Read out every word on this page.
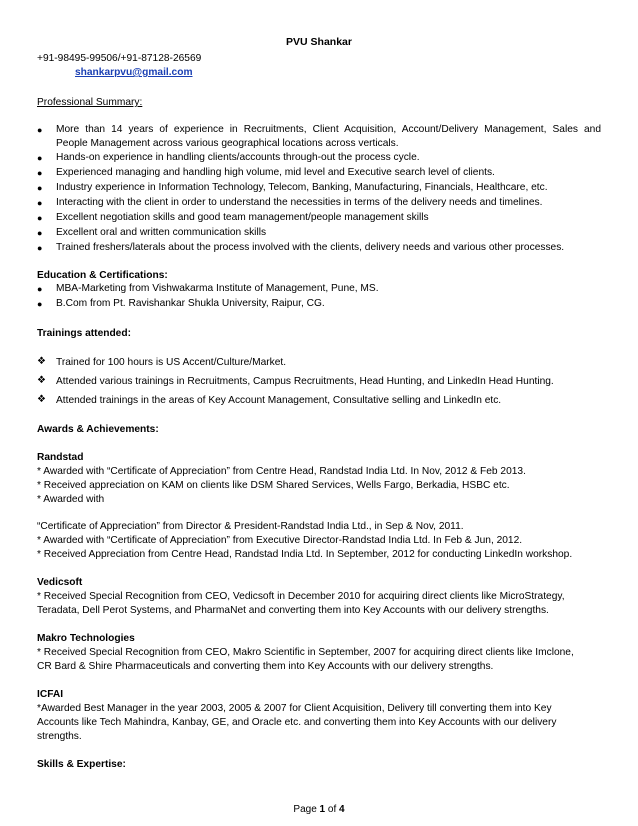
PVU Shankar
+91-98495-99506/+91-87128-26569
shankarpvu@gmail.com
Professional Summary:
●	More than 14 years of experience in Recruitments, Client Acquisition, Account/Delivery Management, Sales and
People Management across various geographical locations across verticals.
●	Hands-on experience in handling clients/accounts through-out the process cycle.
●	Experienced managing and handling high volume, mid level and Executive search level of clients.
●	Industry experience in Information Technology, Telecom, Banking, Manufacturing, Financials, Healthcare, etc.
●	Interacting with the client in order to understand the necessities in terms of the delivery needs and timelines.
●	Excellent negotiation skills and good team management/people management skills
●	Excellent oral and written communication skills
●	Trained freshers/laterals about the process involved with the clients, delivery needs and various other processes.
Education & Certifications:
●	MBA-Marketing from Vishwakarma Institute of Management, Pune, MS.
●	B.Com from Pt. Ravishankar Shukla University, Raipur, CG.
Trainings attended:
❖ Trained for 100 hours is US Accent/Culture/Market.
❖ Attended various trainings in Recruitments, Campus Recruitments, Head Hunting, and LinkedIn Head Hunting.
❖ Attended trainings in the areas of Key Account Management, Consultative selling and LinkedIn etc.
Awards & Achievements:
Randstad
* Awarded with “Certificate of Appreciation” from Centre Head, Randstad India Ltd. In Nov, 2012 & Feb 2013.
* Received appreciation on KAM on clients like DSM Shared Services, Wells Fargo, Berkadia, HSBC etc.
* Awarded with
“Certificate of Appreciation” from Director & President-Randstad India Ltd., in Sep & Nov, 2011.
* Awarded with “Certificate of Appreciation” from Executive Director-Randstad India Ltd. In Feb & Jun, 2012.
* Received Appreciation from Centre Head, Randstad India Ltd. In September, 2012 for conducting LinkedIn workshop.
Vedicsoft
* Received Special Recognition from CEO, Vedicsoft in December 2010 for acquiring direct clients like MicroStrategy,
Teradata, Dell Perot Systems, and PharmaNet and converting them into Key Accounts with our delivery strengths.
Makro Technologies
* Received Special Recognition from CEO, Makro Scientific in September, 2007 for acquiring direct clients like Imclone,
CR Bard & Shire Pharmaceuticals and converting them into Key Accounts with our delivery strengths.
ICFAI
*Awarded Best Manager in the year 2003, 2005 & 2007 for Client Acquisition, Delivery till converting them into Key
Accounts like Tech Mahindra, Kanbay, GE, and Oracle etc. and converting them into Key Accounts with our delivery
strengths.
Skills & Expertise:
Page 1 of 4
